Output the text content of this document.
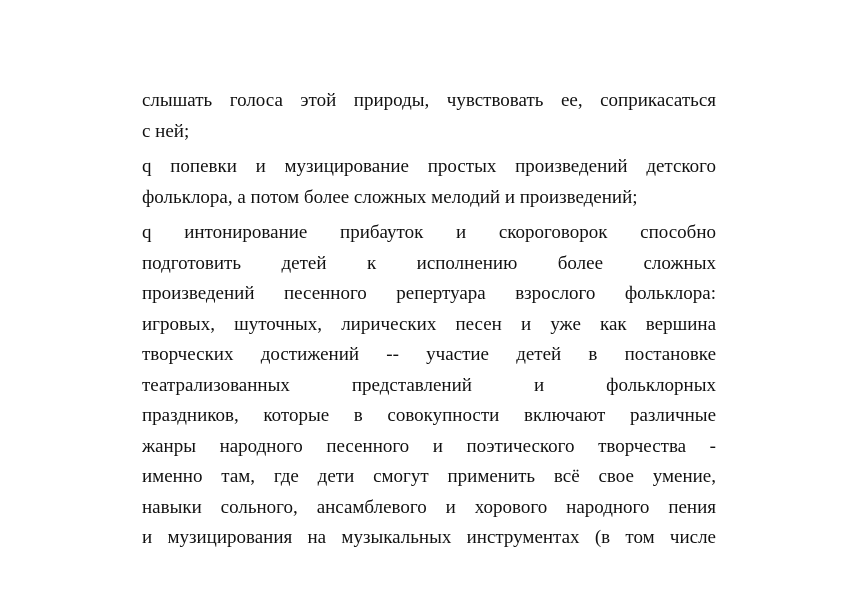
слышать голоса этой природы, чувствовать ее, соприкасаться
с ней;

q попевки и музицирование простых произведений детского
фольклора, а потом более сложных мелодий и произведений;

q интонирование прибауток и скороговорок способно
подготовить детей к исполнению более сложных
произведений песенного репертуара взрослого фольклора:
игровых, шуточных, лирических песен и уже как вершина
творческих достижений -- участие детей в постановке
театрализованных представлений и фольклорных
праздников, которые в совокупности включают различные
жанры народного песенного и поэтического творчества -
именно там, где дети смогут применить всё свое умение,
навыки сольного, ансамблевого и хорового народного пения
и музицирования на музыкальных инструментах (в том числе
